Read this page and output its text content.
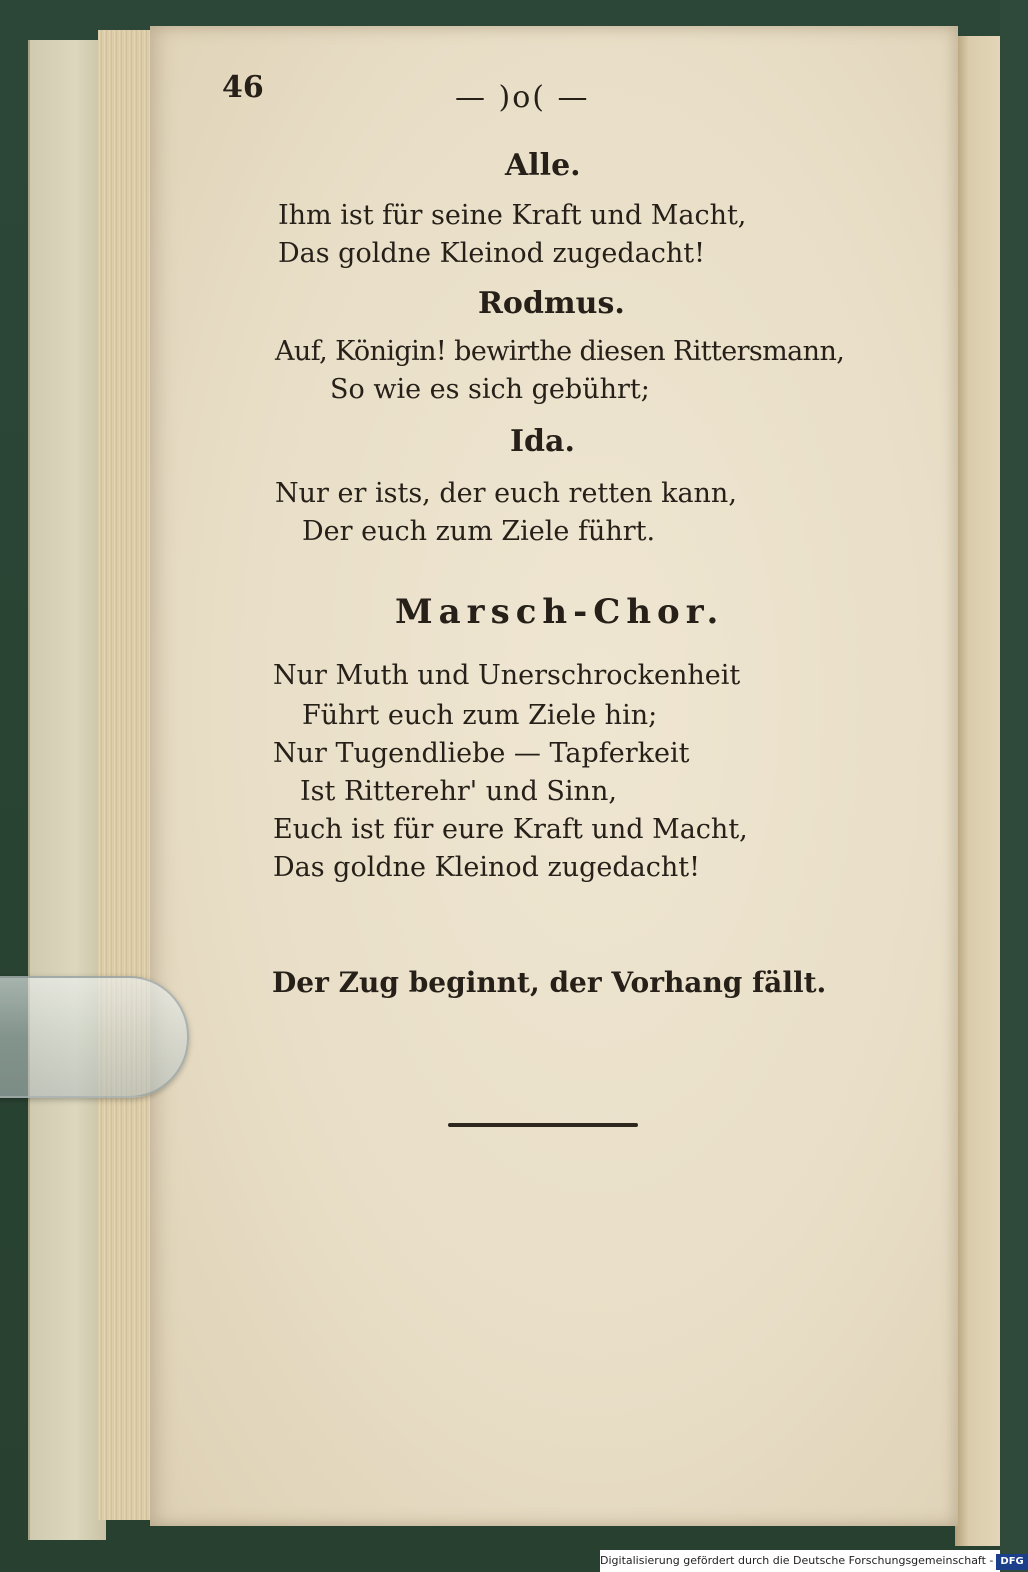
46	— )o( —
Alle.
Ihm ist für seine Kraft und Macht,
Das goldne Kleinod zugedacht!
Rodmus.
Auf, Königin! bewirthe diesen Rittersmann,
So wie es sich gebührt;
Ida.
Nur er ists, der euch retten kann,
Der euch zum Ziele führt.
Marsch-Chor.
Nur Muth und Unerschrockenheit
Führt euch zum Ziele hin;
Nur Tugendliebe — Tapferkeit
Ist Ritterehr' und Sinn,
Euch ist für eure Kraft und Macht,
Das goldne Kleinod zugedacht!
Der Zug beginnt, der Vorhang fällt.
Digitalisierung gefördert durch die Deutsche Forschungsgemeinschaft - DFG
